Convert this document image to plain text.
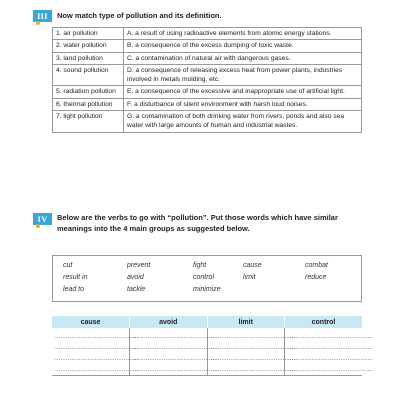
III	Now match type of pollution and its definition.
1. air pollution	A. a result of using radioactive elements from atomic energy stations.
2. water pollution	B. a consequence of the excess dumping of toxic waste.
3. land pollution	C. a contamination of natural air with dangerous gases.
4. sound pollution	D. a consequence of releasing excess heat from power plants, industries involved in metals molding, etc.
5. radiation pollution	E. a consequence of the excessive and inappropriate use of artificial light.
6. thermal pollution	F. a disturbance of silent environment with harsh loud noises.
7. light pollution	G. a contamination of both drinking water from rivers, ponds and also sea water with large amounts of human and industrial wastes.
IV	Below are the verbs to go with “pollution”. Put those words which have similar meanings into the 4 main groups as suggested below.
cut	prevent	fight	cause	combat
result in	avoid	control	limit	reduce
lead to	tackle	minimize
cause	avoid	limit	control
...............................................	...............................................	...............................................	...............................................
...............................................	...............................................	...............................................	...............................................
...............................................	...............................................	...............................................	...............................................
...............................................	...............................................	...............................................	...............................................
